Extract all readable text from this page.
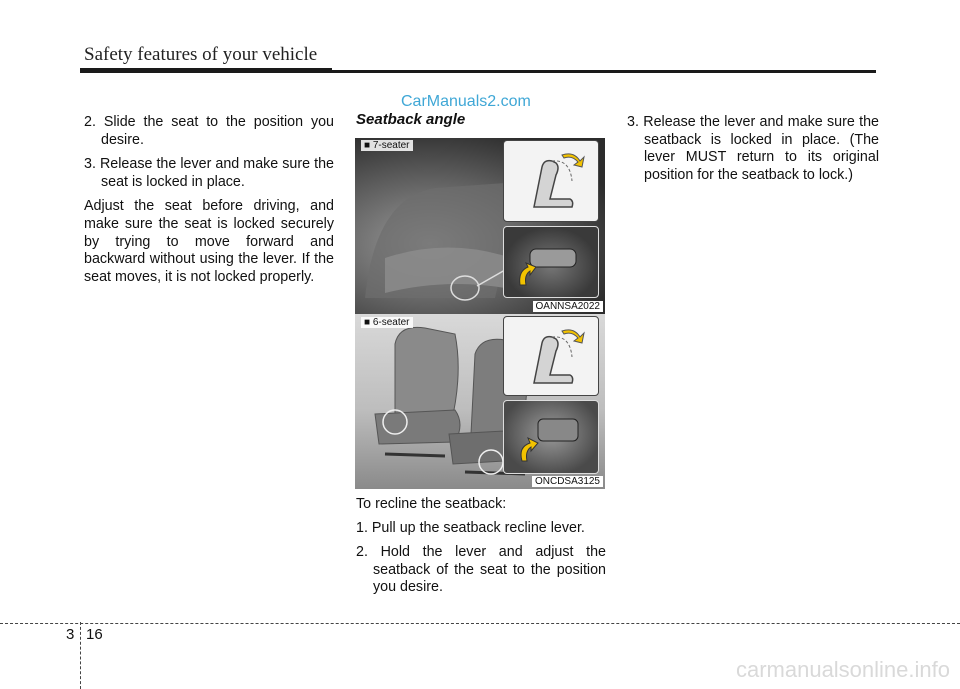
Safety features of your vehicle
CarManuals2.com
2. Slide the seat to the position you desire.
3. Release the lever and make sure the seat is locked in place.

Adjust the seat before driving, and make sure the seat is locked securely by trying to move forward and backward without using the lever. If the seat moves, it is not locked properly.

Seatback angle
■ 7-seater
OANNSA2022
■ 6-seater
ONCDSA3125

To recline the seatback:

1. Pull up the seatback recline lever.
2. Hold the lever and adjust the seatback of the seat to the position you desire.
3. Release the lever and make sure the seatback is locked in place. (The lever MUST return to its original position for the seatback to lock.)
3 16
carmanualsonline.info
